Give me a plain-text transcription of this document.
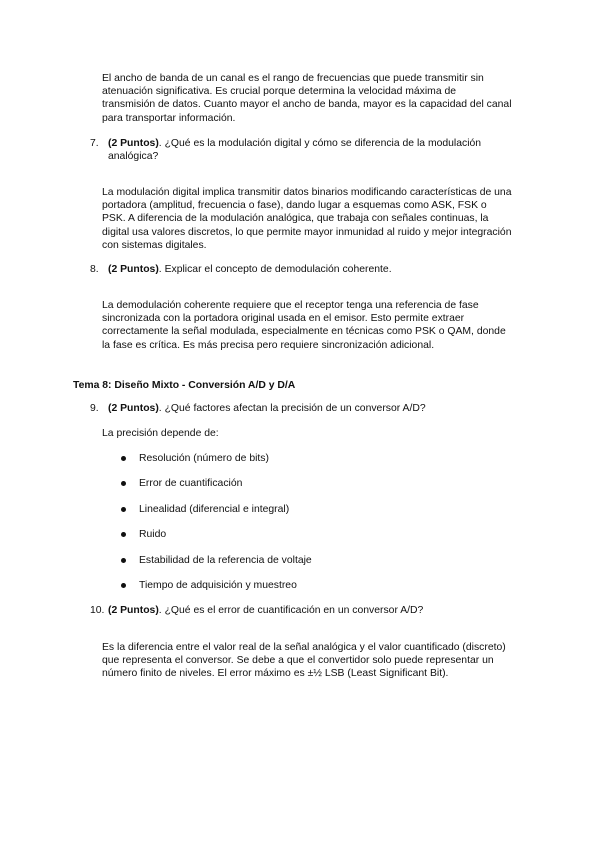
El ancho de banda de un canal es el rango de frecuencias que puede transmitir sin atenuación significativa. Es crucial porque determina la velocidad máxima de transmisión de datos. Cuanto mayor el ancho de banda, mayor es la capacidad del canal para transportar información.
7. (2 Puntos). ¿Qué es la modulación digital y cómo se diferencia de la modulación analógica?
La modulación digital implica transmitir datos binarios modificando características de una portadora (amplitud, frecuencia o fase), dando lugar a esquemas como ASK, FSK o PSK. A diferencia de la modulación analógica, que trabaja con señales continuas, la digital usa valores discretos, lo que permite mayor inmunidad al ruido y mejor integración con sistemas digitales.
8. (2 Puntos). Explicar el concepto de demodulación coherente.
La demodulación coherente requiere que el receptor tenga una referencia de fase sincronizada con la portadora original usada en el emisor. Esto permite extraer correctamente la señal modulada, especialmente en técnicas como PSK o QAM, donde la fase es crítica. Es más precisa pero requiere sincronización adicional.
Tema 8: Diseño Mixto - Conversión A/D y D/A
9. (2 Puntos). ¿Qué factores afectan la precisión de un conversor A/D?
La precisión depende de:
Resolución (número de bits)
Error de cuantificación
Linealidad (diferencial e integral)
Ruido
Estabilidad de la referencia de voltaje
Tiempo de adquisición y muestreo
10. (2 Puntos). ¿Qué es el error de cuantificación en un conversor A/D?
Es la diferencia entre el valor real de la señal analógica y el valor cuantificado (discreto) que representa el conversor. Se debe a que el convertidor solo puede representar un número finito de niveles. El error máximo es ±½ LSB (Least Significant Bit).
